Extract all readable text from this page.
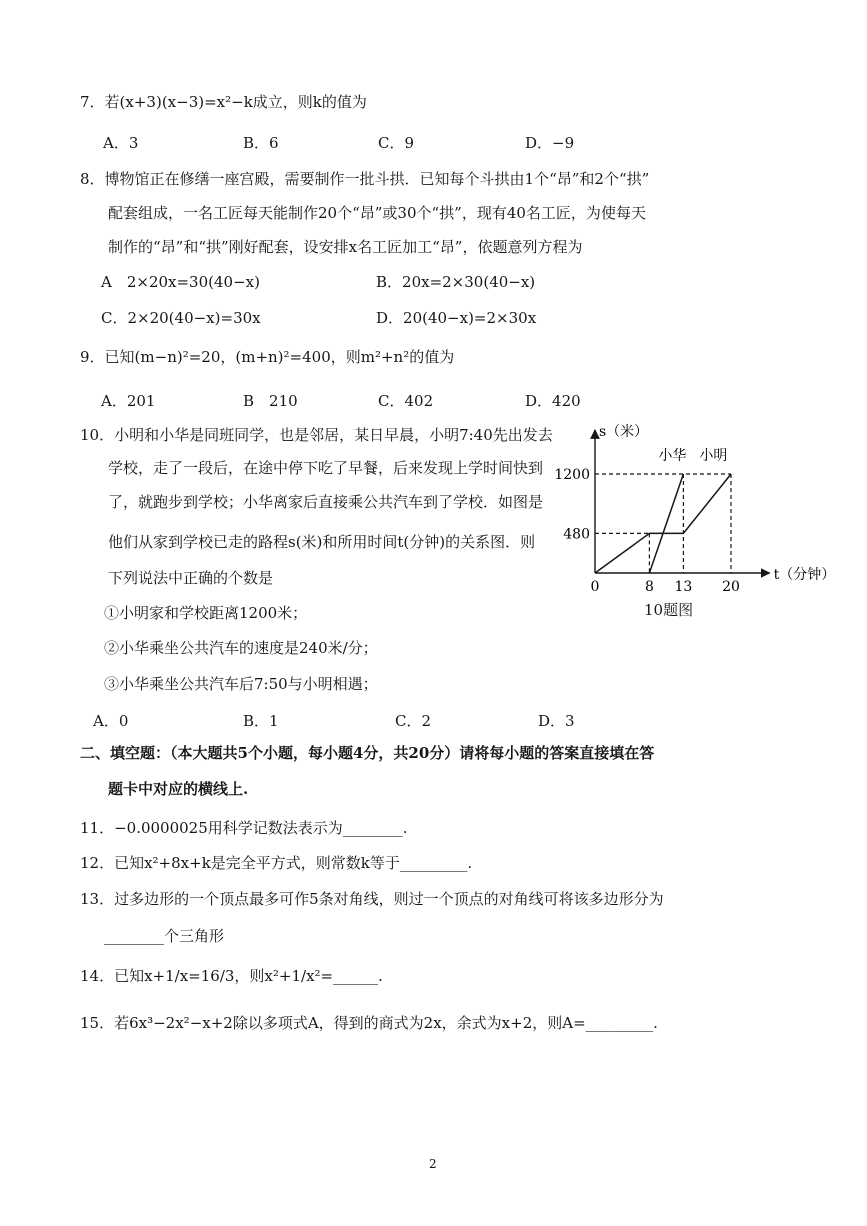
7．若(x+3)(x−3)=x²−k成立，则k的值为
A．3	B．6	C．9	D．−9
8．博物馆正在修缮一座宫殿，需要制作一批斗拱．已知每个斗拱由1个“昂”和2个“拱”
配套组成，一名工匠每天能制作20个“昂”或30个“拱”，现有40名工匠，为使每天
制作的“昂”和“拱”刚好配套，设安排x名工匠加工“昂”，依题意列方程为
A　2×20x=30(40−x)	B．20x=2×30(40−x)
C．2×20(40−x)=30x	D．20(40−x)=2×30x
9．已知(m−n)²=20，(m+n)²=400，则m²+n²的值为
A．201	B　210	C．402	D．420
10．小明和小华是同班同学，也是邻居，某日早晨，小明7:40先出发去
学校，走了一段后，在途中停下吃了早餐，后来发现上学时间快到
了，就跑步到学校；小华离家后直接乘公共汽车到了学校．如图是
他们从家到学校已走的路程s(米)和所用时间t(分钟)的关系图．则
下列说法中正确的个数是
①小明家和学校距离1200米；
②小华乘坐公共汽车的速度是240米/分；
③小华乘坐公共汽车后7:50与小明相遇；
A．0	B．1	C．2	D．3
t（分钟）
s（米）
0	8 13 20
480
1200
小华 小明
10题图
二、填空题：（本大题共5个小题，每小题4分，共20分）请将每小题的答案直接填在答
题卡中对应的横线上.
11．−0.0000025用科学记数法表示为________.
12．已知x²+8x+k是完全平方式，则常数k等于_________.
13．过多边形的一个顶点最多可作5条对角线，则过一个顶点的对角线可将该多边形分为
________个三角形
14．已知x+1/x=16/3，则x²+1/x²=______.
15．若6x³−2x²−x+2除以多项式A，得到的商式为2x，余式为x+2，则A=_________.
2
